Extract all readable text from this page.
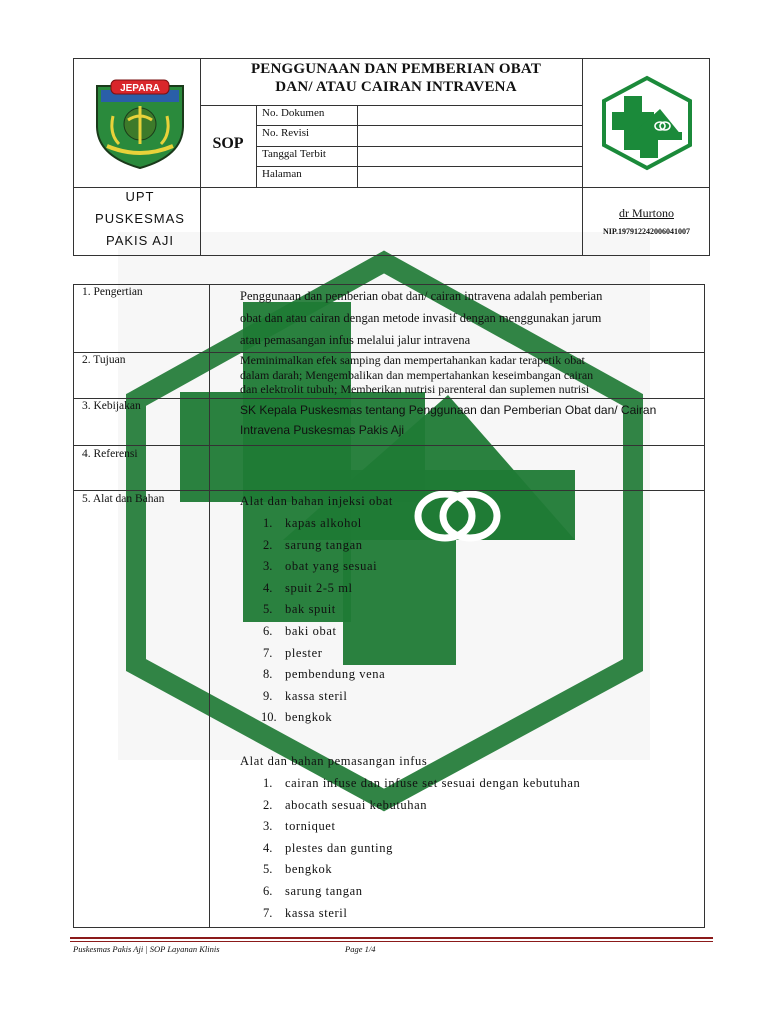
JEPARA
PENGGUNAAN DAN PEMBERIAN OBAT
DAN/ ATAU CAIRAN INTRAVENA
SOP
No. Dokumen
No. Revisi
Tanggal Terbit
Halaman
UPT
PUSKESMAS
PAKIS AJI
dr Murtono
NIP.197912242006041007
1. Pengertian	Penggunaan dan pemberian obat dan/ cairan intravena adalah pemberian
obat dan atau cairan dengan metode invasif dengan menggunakan jarum
atau pemasangan infus melalui jalur intravena
2. Tujuan	Meminimalkan efek samping dan mempertahankan kadar terapetik obat
dalam darah; Mengembalikan dan mempertahankan keseimbangan cairan
dan elektrolit tubuh; Memberikan nutrisi parenteral dan suplemen nutrisi
3. Kebijakan	SK Kepala Puskesmas tentang Penggunaan dan Pemberian Obat dan/ Cairan
Intravena Puskesmas Pakis Aji
4. Referensi
5. Alat dan Bahan	Alat dan bahan injeksi obat
1. kapas alkohol
2. sarung tangan
3. obat yang sesuai
4. spuit 2-5 ml
5. bak spuit
6. baki obat
7. plester
8. pembendung vena
9. kassa steril
10. bengkok
Alat dan bahan pemasangan infus
1. cairan infuse dan infuse set sesuai dengan kebutuhan
2. abocath sesuai kebutuhan
3. torniquet
4. plestes dan gunting
5. bengkok
6. sarung tangan
7. kassa steril
Puskesmas Pakis Aji | SOP Layanan Klinis	Page 1/4
